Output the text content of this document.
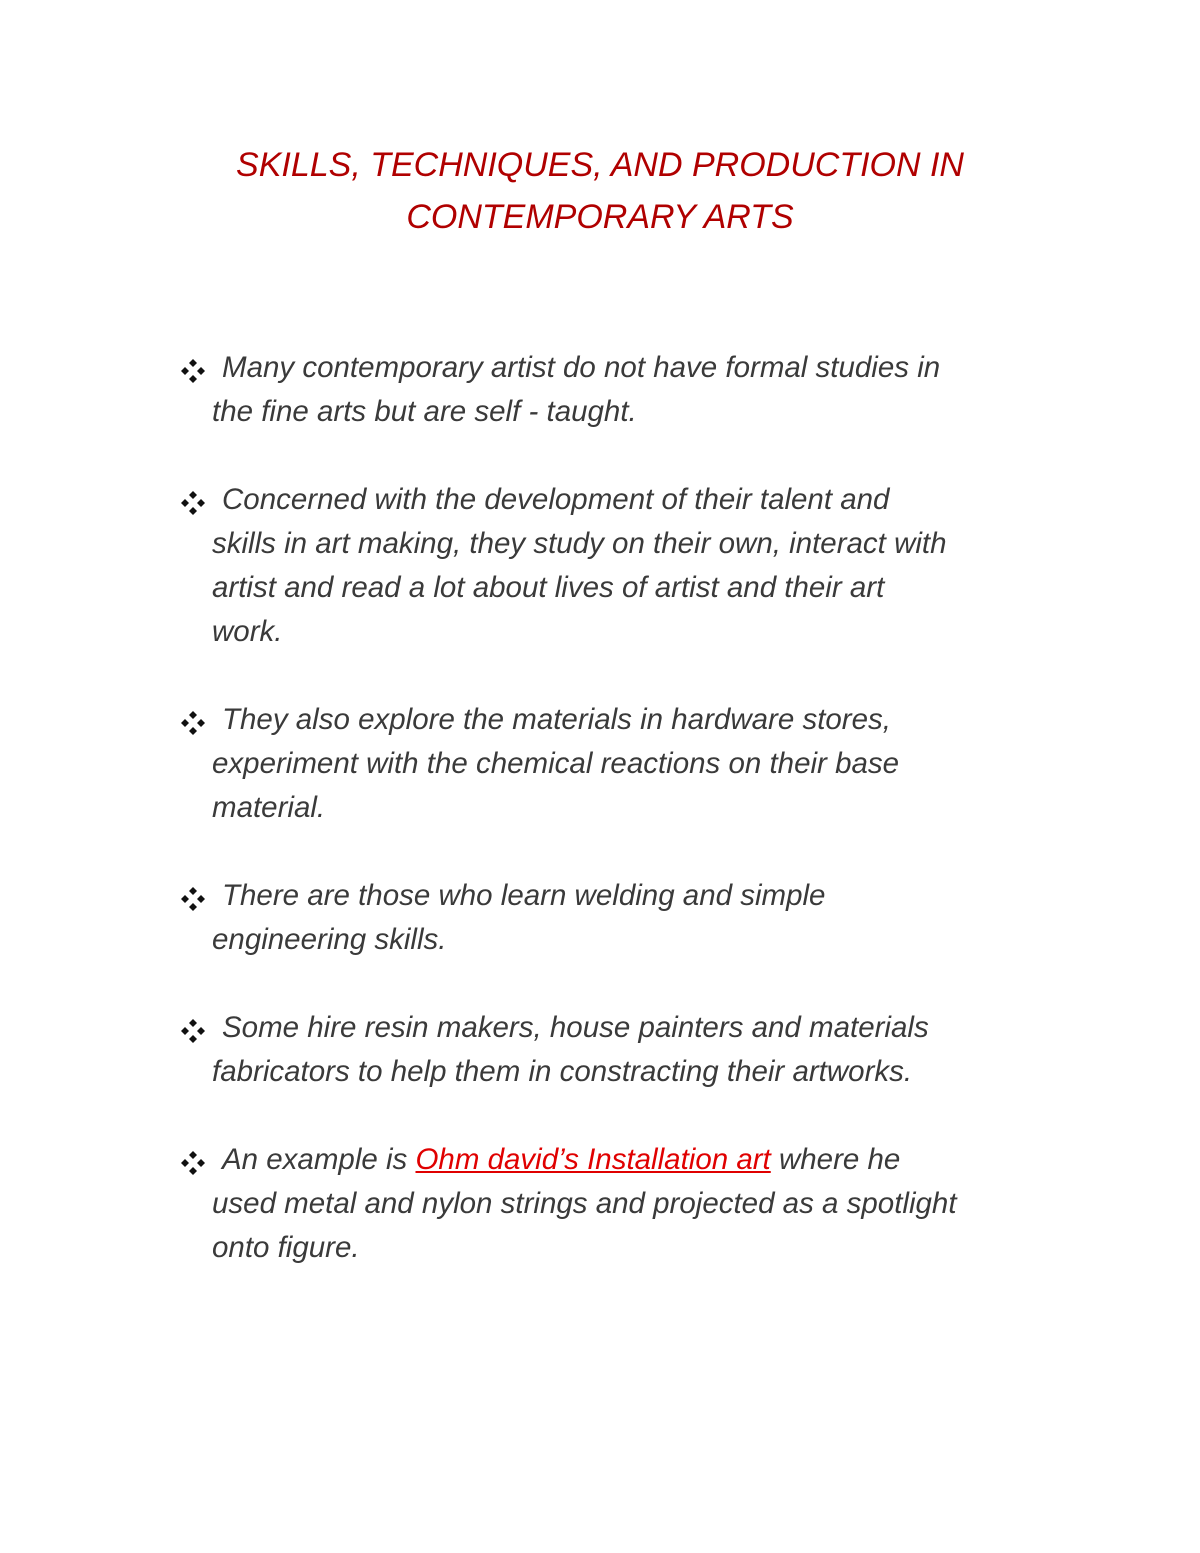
SKILLS, TECHNIQUES, AND PRODUCTION IN
CONTEMPORARY ARTS

Many contemporary artist do not have formal studies in
the fine arts but are self - taught.

Concerned with the development of their talent and
skills in art making, they study on their own, interact with
artist and read a lot about lives of artist and their art
work.

They also explore the materials in hardware stores,
experiment with the chemical reactions on their base
material.

There are those who learn welding and simple
engineering skills.

Some hire resin makers, house painters and materials
fabricators to help them in constracting their artworks.

An example is Ohm david’s Installation art where he
used metal and nylon strings and projected as a spotlight
onto figure.
